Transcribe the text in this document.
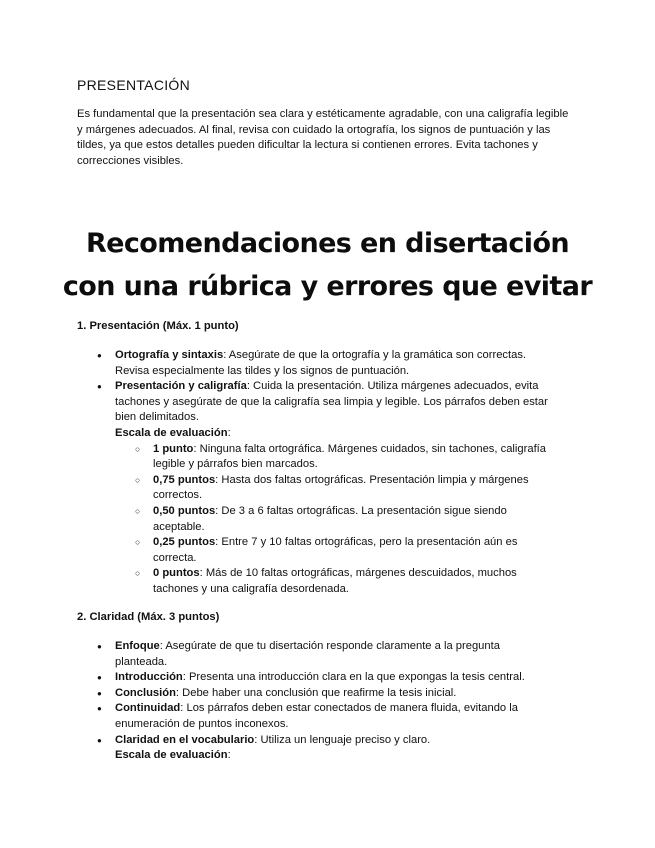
PRESENTACIÓN

Es fundamental que la presentación sea clara y estéticamente agradable, con una caligrafía legible y márgenes adecuados. Al final, revisa con cuidado la ortografía, los signos de puntuación y las tildes, ya que estos detalles pueden dificultar la lectura si contienen errores. Evita tachones y correcciones visibles.

Recomendaciones en disertación
con una rúbrica y errores que evitar
1. Presentación (Máx. 1 punto)
● Ortografía y sintaxis: Asegúrate de que la ortografía y la gramática son correctas. Revisa especialmente las tildes y los signos de puntuación.
● Presentación y caligrafía: Cuida la presentación. Utiliza márgenes adecuados, evita tachones y asegúrate de que la caligrafía sea limpia y legible. Los párrafos deben estar bien delimitados.
Escala de evaluación:
○ 1 punto: Ninguna falta ortográfica. Márgenes cuidados, sin tachones, caligrafía legible y párrafos bien marcados.
○ 0,75 puntos: Hasta dos faltas ortográficas. Presentación limpia y márgenes correctos.
○ 0,50 puntos: De 3 a 6 faltas ortográficas. La presentación sigue siendo aceptable.
○ 0,25 puntos: Entre 7 y 10 faltas ortográficas, pero la presentación aún es correcta.
○ 0 puntos: Más de 10 faltas ortográficas, márgenes descuidados, muchos tachones y una caligrafía desordenada.
2. Claridad (Máx. 3 puntos)
● Enfoque: Asegúrate de que tu disertación responde claramente a la pregunta planteada.
● Introducción: Presenta una introducción clara en la que expongas la tesis central.
● Conclusión: Debe haber una conclusión que reafirme la tesis inicial.
● Continuidad: Los párrafos deben estar conectados de manera fluida, evitando la enumeración de puntos inconexos.
● Claridad en el vocabulario: Utiliza un lenguaje preciso y claro.
Escala de evaluación:
